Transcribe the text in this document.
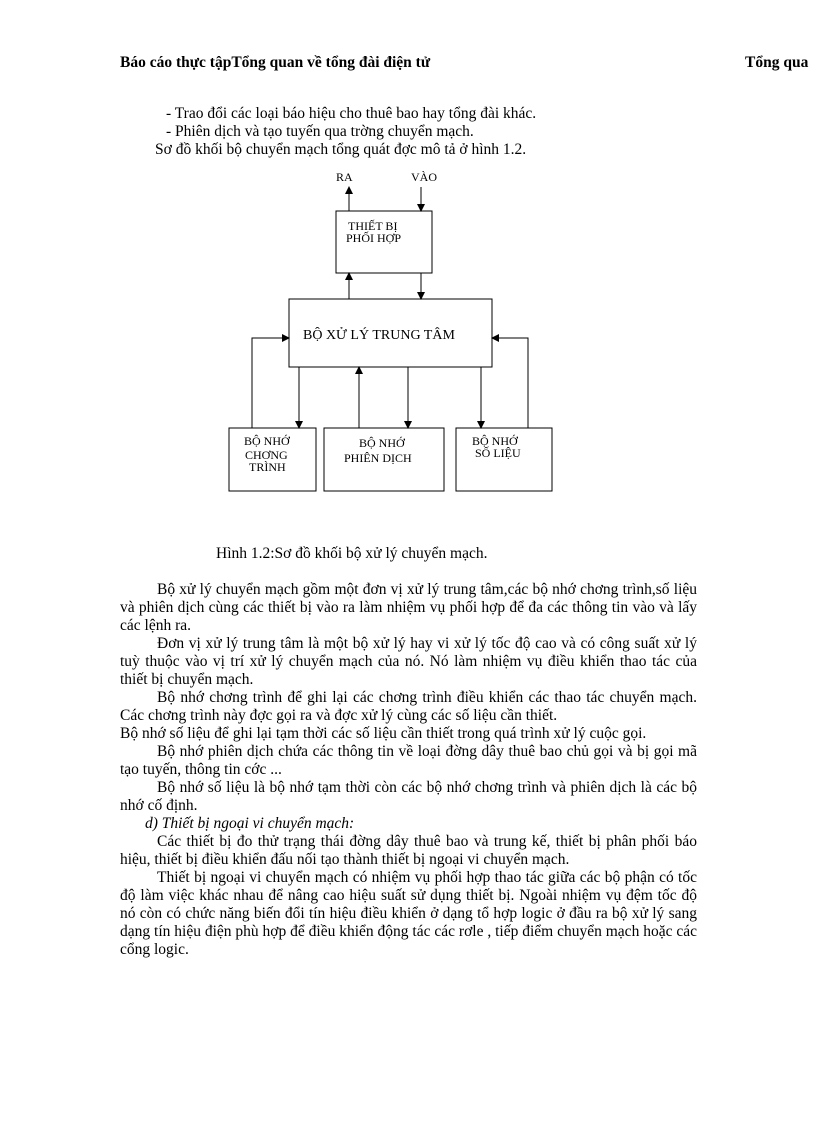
Báo cáo thực tậpTổng quan về tổng đài điện tử	Tổng qua
- Trao đổi các loại báo hiệu cho thuê bao hay tổng đài khác.
- Phiên dịch và tạo tuyến qua trờng chuyển mạch.
Sơ đồ khối bộ chuyển mạch tổng quát đợc mô tả ở hình 1.2.
RA	VÀO
THIẾT BỊ
PHỐI HỢP
BỘ XỬ LÝ TRUNG TÂM
BỘ NHỚ
CHƠNG
TRÌNH
BỘ NHỚ
PHIÊN DỊCH
BỘ NHỚ
SỐ LIỆU
Hình 1.2:Sơ đồ khối bộ xử lý chuyển mạch.

Bộ xử lý chuyển mạch gồm một đơn vị xử lý trung tâm,các bộ nhớ chơng trình,số liệu và phiên dịch cùng các thiết bị vào ra làm nhiệm vụ phối hợp để đa các thông tin vào và lấy các lệnh ra.

Đơn vị xử lý trung tâm là một bộ xử lý hay vi xử lý tốc độ cao và có công suất xử lý tuỳ thuộc vào vị trí xử lý chuyển mạch của nó. Nó làm nhiệm vụ điều khiển thao tác của thiết bị chuyển mạch.

Bộ nhớ chơng trình để ghi lại các chơng trình điều khiển các thao tác chuyển mạch. Các chơng trình này đợc gọi ra và đợc xử lý cùng các số liệu cần thiết.

Bộ nhớ số liệu để ghi lại tạm thời các số liệu cần thiết trong quá trình xử lý cuộc gọi.

Bộ nhớ phiên dịch chứa các thông tin về loại đờng dây thuê bao chủ gọi và bị gọi mã tạo tuyến, thông tin cớc ...

Bộ nhớ số liệu là bộ nhớ tạm thời còn các bộ nhớ chơng trình và phiên dịch là các bộ nhớ cố định.

d) Thiết bị ngoại vi chuyển mạch:

Các thiết bị đo thử trạng thái đờng dây thuê bao và trung kế, thiết bị phân phối báo hiệu, thiết bị điều khiển đấu nối tạo thành thiết bị ngoại vi chuyển mạch.

Thiết bị ngoại vi chuyển mạch có nhiệm vụ phối hợp thao tác giữa các bộ phận có tốc độ làm việc khác nhau để nâng cao hiệu suất sử dụng thiết bị. Ngoài nhiệm vụ đệm tốc độ nó còn có chức năng biến đổi tín hiệu điều khiển ở dạng tổ hợp logic ở đầu ra bộ xử lý sang dạng tín hiệu điện phù hợp để điều khiển động tác các rơle , tiếp điểm chuyển mạch hoặc các cổng logic.
